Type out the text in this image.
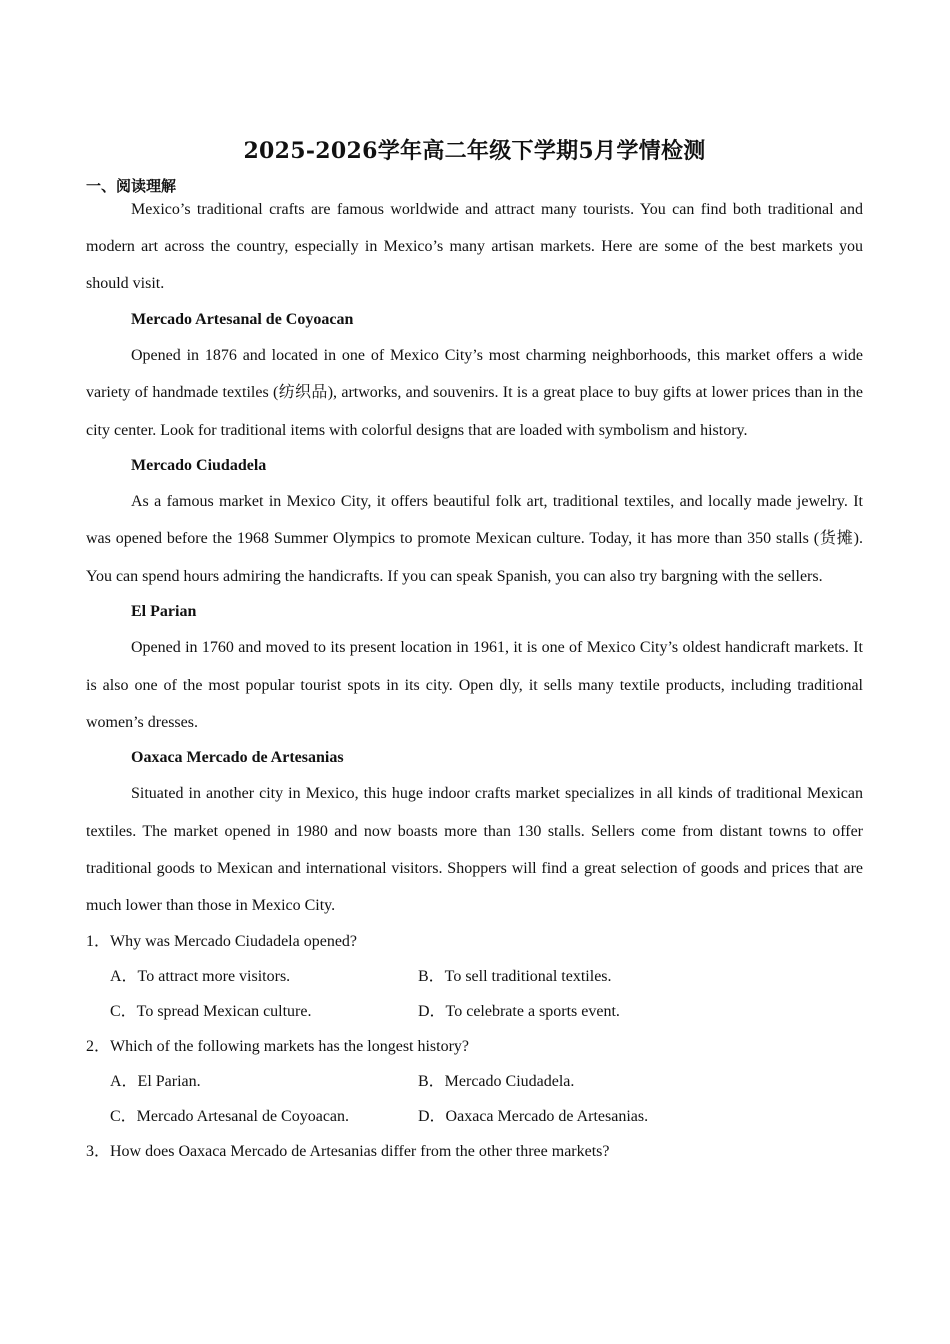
2025-2026学年高二年级下学期5月学情检测

一、阅读理解

Mexico’s traditional crafts are famous worldwide and attract many tourists. You can find both traditional and modern art across the country, especially in Mexico’s many artisan markets. Here are some of the best markets you should visit.

Mercado Artesanal de Coyoacan

Opened in 1876 and located in one of Mexico City’s most charming neighborhoods, this market offers a wide variety of handmade textiles (纺织品), artworks, and souvenirs. It is a great place to buy gifts at lower prices than in the city center. Look for traditional items with colorful designs that are loaded with symbolism and history.

Mercado Ciudadela

As a famous market in Mexico City, it offers beautiful folk art, traditional textiles, and locally made jewelry. It was opened before the 1968 Summer Olympics to promote Mexican culture. Today, it has more than 350 stalls (货摊). You can spend hours admiring the handicrafts. If you can speak Spanish, you can also try bargning with the sellers.

El Parian

Opened in 1760 and moved to its present location in 1961, it is one of Mexico City’s oldest handicraft markets. It is also one of the most popular tourist spots in its city. Open dly, it sells many textile products, including traditional women’s dresses.

Oaxaca Mercado de Artesanias

Situated in another city in Mexico, this huge indoor crafts market specializes in all kinds of traditional Mexican textiles. The market opened in 1980 and now boasts more than 130 stalls. Sellers come from distant towns to offer traditional goods to Mexican and international visitors. Shoppers will find a great selection of goods and prices that are much lower than those in Mexico City.

1．Why was Mercado Ciudadela opened?

A．To attract more visitors.	B．To sell traditional textiles.
C．To spread Mexican culture.	D．To celebrate a sports event.

2．Which of the following markets has the longest history?

A．El Parian.	B．Mercado Ciudadela.
C．Mercado Artesanal de Coyoacan.	D．Oaxaca Mercado de Artesanias.

3．How does Oaxaca Mercado de Artesanias differ from the other three markets?
